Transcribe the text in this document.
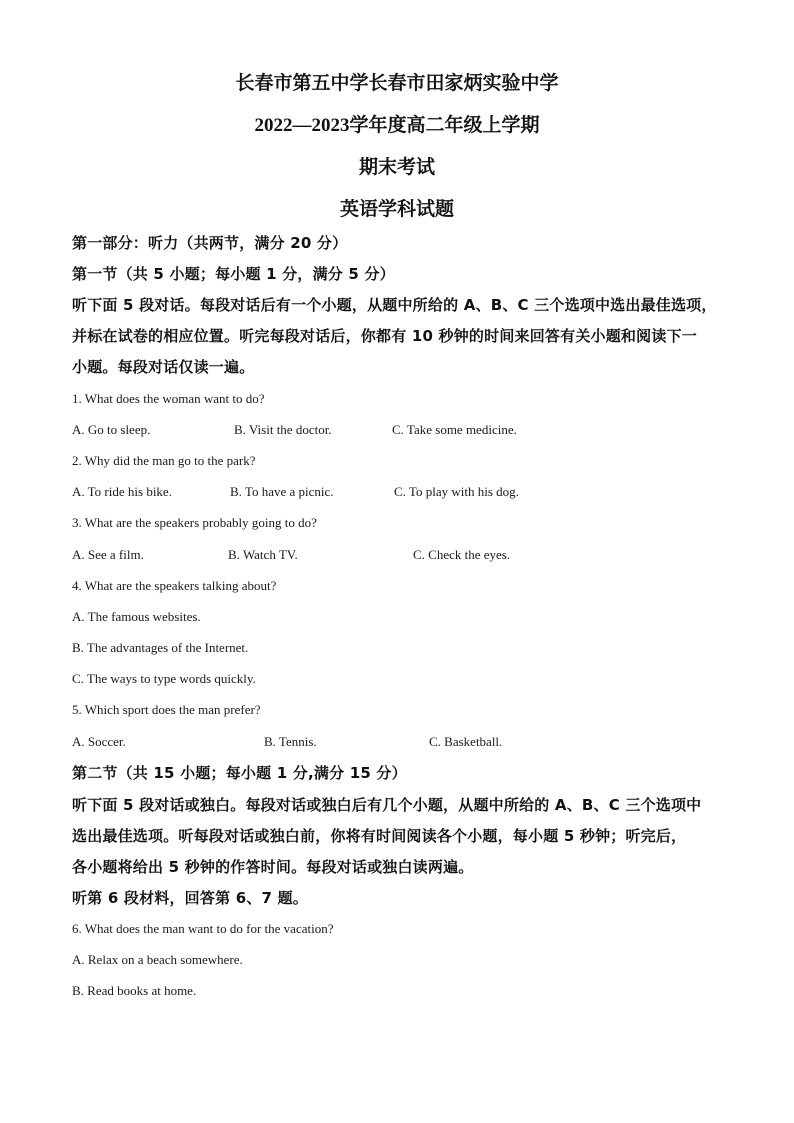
长春市第五中学长春市田家炳实验中学
2022—2023学年度高二年级上学期
期末考试
英语学科试题
第一部分：听力（共两节，满分 20 分）
第一节（共 5 小题；每小题 1 分，满分 5 分）
听下面 5 段对话。每段对话后有一个小题，从题中所给的 A、B、C 三个选项中选出最佳选项，
并标在试卷的相应位置。听完每段对话后，你都有 10 秒钟的时间来回答有关小题和阅读下一
小题。每段对话仅读一遍。
1. What does the woman want to do?
A. Go to sleep.	B. Visit the doctor.	C. Take some medicine.
2. Why did the man go to the park?
A. To ride his bike.	B. To have a picnic.	C. To play with his dog.
3. What are the speakers probably going to do?
A. See a film.	B. Watch TV.	C. Check the eyes.
4. What are the speakers talking about?
A. The famous websites.
B. The advantages of the Internet.
C. The ways to type words quickly.
5. Which sport does the man prefer?
A. Soccer.	B. Tennis.	C. Basketball.
第二节（共 15 小题；每小题 1 分,满分 15 分）
听下面 5 段对话或独白。每段对话或独白后有几个小题，从题中所给的 A、B、C 三个选项中
选出最佳选项。听每段对话或独白前，你将有时间阅读各个小题，每小题 5 秒钟；听完后，
各小题将给出 5 秒钟的作答时间。每段对话或独白读两遍。
听第 6 段材料，回答第 6、7 题。
6. What does the man want to do for the vacation?
A. Relax on a beach somewhere.
B. Read books at home.
